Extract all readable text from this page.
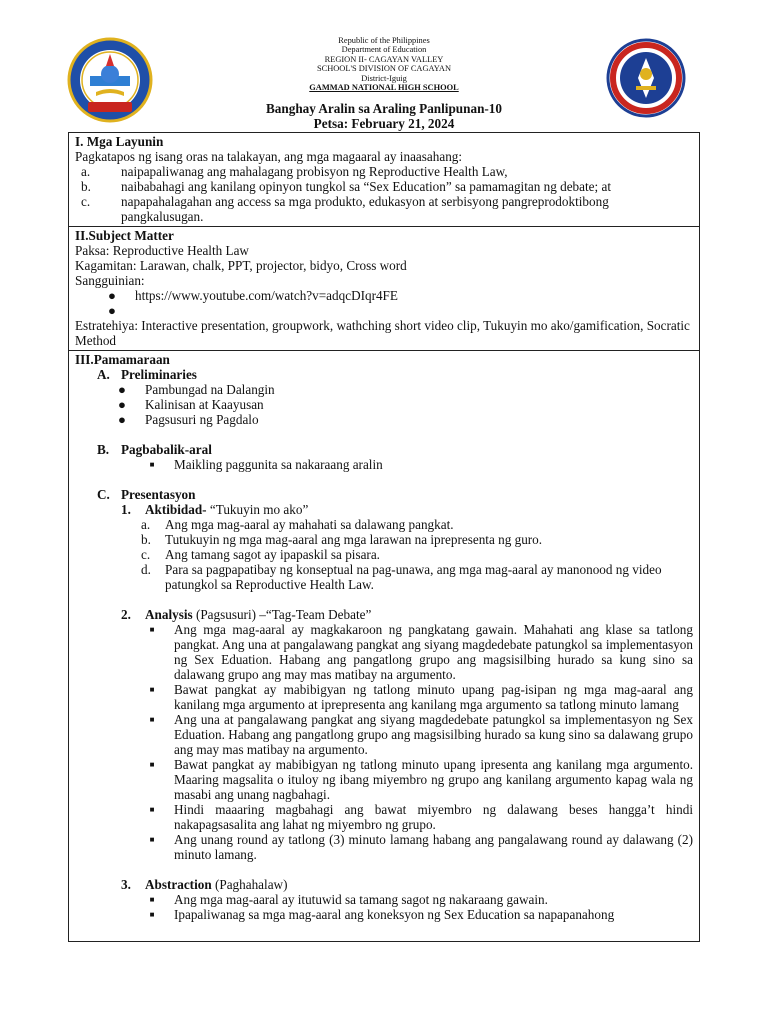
Republic of the Philippines
Department of Education
REGION II- CAGAYAN VALLEY
SCHOOL'S DIVISION OF CAGAYAN
District-Iguig
GAMMAD NATIONAL HIGH SCHOOL
Banghay Aralin sa Araling Panlipunan-10
Petsa: February 21, 2024
I. Mga Layunin
Pagkatapos ng isang oras na talakayan, ang mga magaaral ay inaasahang:
a.	naipapaliwanag ang mahalagang probisyon ng Reproductive Health Law,
b.	naibabahagi ang kanilang opinyon tungkol sa “Sex Education” sa pamamagitan ng debate; at
c.	napapahalagahan ang access sa mga produkto, edukasyon at serbisyong pangreprodoktibong pangkalusugan.
II.Subject Matter
Paksa: Reproductive Health Law
Kagamitan: Larawan, chalk, PPT, projector, bidyo, Cross word
Sangguinian:
●	https://www.youtube.com/watch?v=adqcDIqr4FE
●
Estratehiya: Interactive presentation, groupwork, wathching short video clip, Tukuyin mo ako/gamification, Socratic Method
III.Pamamaraan
A. Preliminaries
●	Pambungad na Dalangin
●	Kalinisan at Kaayusan
●	Pagsusuri ng Pagdalo
B. Pagbabalik-aral
■	Maikling paggunita sa nakaraang aralin
C. Presentasyon
1.	Aktibidad- “Tukuyin mo ako”
a.	Ang mga mag-aaral ay mahahati sa dalawang pangkat.
b.	Tutukuyin ng mga mag-aaral ang mga larawan na iprepresenta ng guro.
c.	Ang tamang sagot ay ipapaskil sa pisara.
d.	Para sa pagpapatibay ng konseptual na pag-unawa, ang mga mag-aaral ay manonood ng video patungkol sa Reproductive Health Law.
2.	Analysis (Pagsusuri) –“Tag-Team Debate”
■	Ang mga mag-aaral ay magkakaroon ng pangkatang gawain. Mahahati ang klase sa tatlong pangkat. Ang una at pangalawang pangkat ang siyang magdedebate patungkol sa implementasyon ng Sex Eduation. Habang ang pangatlong grupo ang magsisilbing hurado sa kung sino sa dalawang grupo ang may mas matibay na argumento.
■	Bawat pangkat ay mabibigyan ng tatlong minuto upang pag-isipan ng mga mag-aaral ang kanilang mga argumento at iprepresenta ang kanilang mga argumento sa tatlong minuto lamang
■	Ang una at pangalawang pangkat ang siyang magdedebate patungkol sa implementasyon ng Sex Eduation. Habang ang pangatlong grupo ang magsisilbing hurado sa kung sino sa dalawang grupo ang may mas matibay na argumento.
■	Bawat pangkat ay mabibigyan ng tatlong minuto upang ipresenta ang kanilang mga argumento. Maaring magsalita o ituloy ng ibang miyembro ng grupo ang kanilang argumento kapag wala ng masabi ang unang nagbahagi.
■	Hindi maaaring magbahagi ang bawat miyembro ng dalawang beses hangga’t hindi nakapagsasalita ang lahat ng miyembro ng grupo.
■	Ang unang round ay tatlong (3) minuto lamang habang ang pangalawang round ay dalawang (2) minuto lamang.
3.	Abstraction (Paghahalaw)
■	Ang mga mag-aaral ay itutuwid sa tamang sagot ng nakaraang gawain.
■	Ipapaliwanag sa mga mag-aaral ang koneksyon ng Sex Education sa napapanahong
